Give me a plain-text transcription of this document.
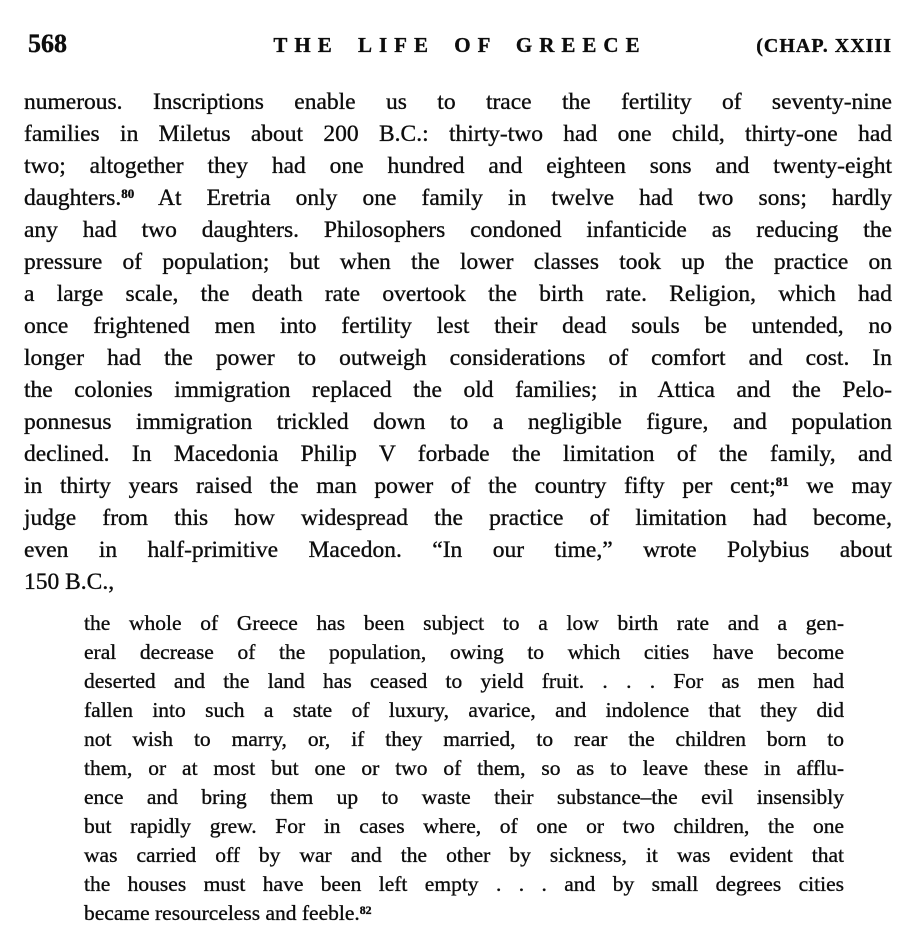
568	THE LIFE OF GREECE	(CHAP. XXIII
numerous. Inscriptions enable us to trace the fertility of seventy-nine
families in Miletus about 200 B.C.: thirty-two had one child, thirty-one had
two; altogether they had one hundred and eighteen sons and twenty-eight
daughters.$^{80}$ At Eretria only one family in twelve had two sons; hardly
any had two daughters. Philosophers condoned infanticide as reducing the
pressure of population; but when the lower classes took up the practice on
a large scale, the death rate overtook the birth rate. Religion, which had
once frightened men into fertility lest their dead souls be untended, no
longer had the power to outweigh considerations of comfort and cost. In
the colonies immigration replaced the old families; in Attica and the Pelo-
ponnesus immigration trickled down to a negligible figure, and population
declined. In Macedonia Philip V forbade the limitation of the family, and
in thirty years raised the man power of the country fifty per cent;$^{81}$ we may
judge from this how widespread the practice of limitation had become,
even in half-primitive Macedon. “In our time,” wrote Polybius about
150 B.C.,
the whole of Greece has been subject to a low birth rate and a gen-
eral decrease of the population, owing to which cities have become
deserted and the land has ceased to yield fruit. . . . For as men had
fallen into such a state of luxury, avarice, and indolence that they did
not wish to marry, or, if they married, to rear the children born to
them, or at most but one or two of them, so as to leave these in afflu-
ence and bring them up to waste their substance–the evil insensibly
but rapidly grew. For in cases where, of one or two children, the one
was carried off by war and the other by sickness, it was evident that
the houses must have been left empty . . . and by small degrees cities
became resourceless and feeble.$^{82}$
